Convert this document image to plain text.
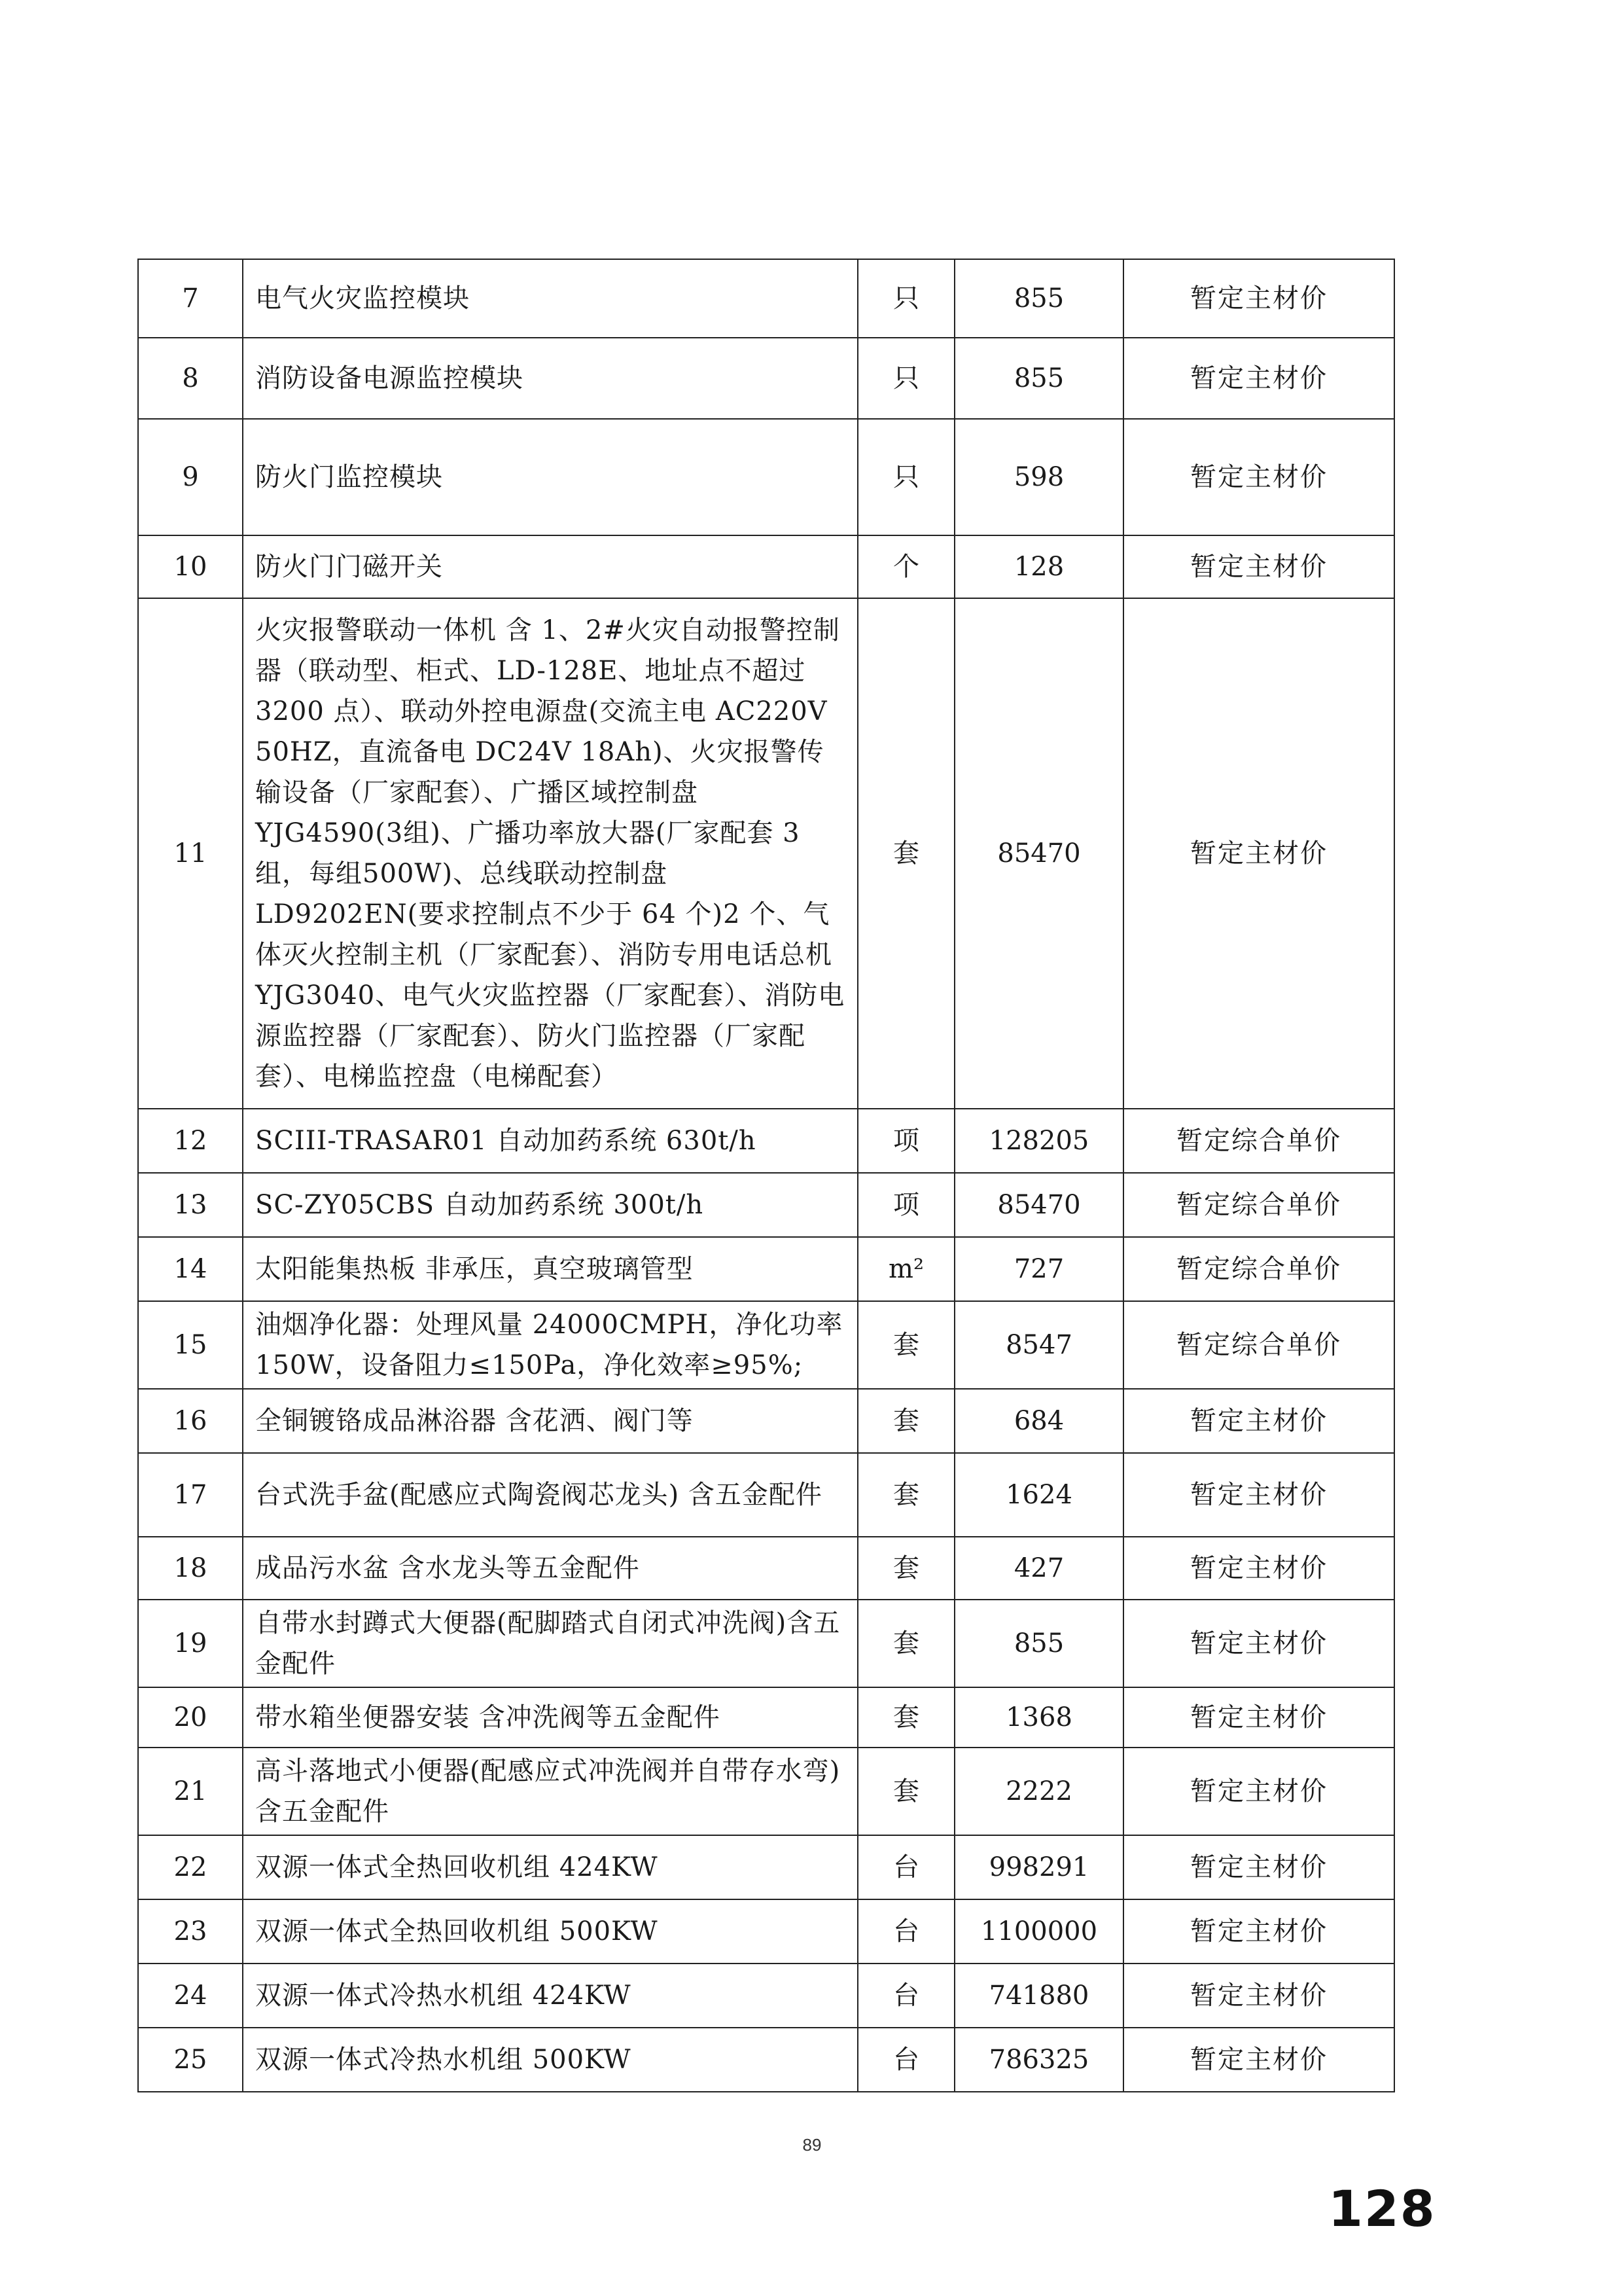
7	电气火灾监控模块	只	855	暂定主材价
8	消防设备电源监控模块	只	855	暂定主材价
9	防火门监控模块	只	598	暂定主材价
10	防火门门磁开关	个	128	暂定主材价
11	火灾报警联动一体机 含 1、2#火灾自动报警控制器（联动型、柜式、LD-128E、地址点不超过3200 点）、联动外控电源盘(交流主电 AC220V 50HZ，直流备电 DC24V 18Ah)、火灾报警传输设备（厂家配套）、广播区域控制盘 YJG4590(3组)、广播功率放大器(厂家配套 3 组，每组500W)、总线联动控制盘 LD9202EN(要求控制点不少于 64 个)2 个、气体灭火控制主机（厂家配套）、消防专用电话总机 YJG3040、电气火灾监控器（厂家配套）、消防电源监控器（厂家配套）、防火门监控器（厂家配套）、电梯监控盘（电梯配套）	套	85470	暂定主材价
12	SCIII-TRASAR01 自动加药系统 630t/h	项	128205	暂定综合单价
13	SC-ZY05CBS 自动加药系统 300t/h	项	85470	暂定综合单价
14	太阳能集热板 非承压，真空玻璃管型	m²	727	暂定综合单价
15	油烟净化器：处理风量 24000CMPH，净化功率150W，设备阻力≤150Pa，净化效率≥95%;	套	8547	暂定综合单价
16	全铜镀铬成品淋浴器 含花洒、阀门等	套	684	暂定主材价
17	台式洗手盆(配感应式陶瓷阀芯龙头) 含五金配件	套	1624	暂定主材价
18	成品污水盆 含水龙头等五金配件	套	427	暂定主材价
19	自带水封蹲式大便器(配脚踏式自闭式冲洗阀)含五金配件	套	855	暂定主材价
20	带水箱坐便器安装 含冲洗阀等五金配件	套	1368	暂定主材价
21	高斗落地式小便器(配感应式冲洗阀并自带存水弯) 含五金配件	套	2222	暂定主材价
22	双源一体式全热回收机组 424KW	台	998291	暂定主材价
23	双源一体式全热回收机组 500KW	台	1100000	暂定主材价
24	双源一体式冷热水机组 424KW	台	741880	暂定主材价
25	双源一体式冷热水机组 500KW	台	786325	暂定主材价
89
128
